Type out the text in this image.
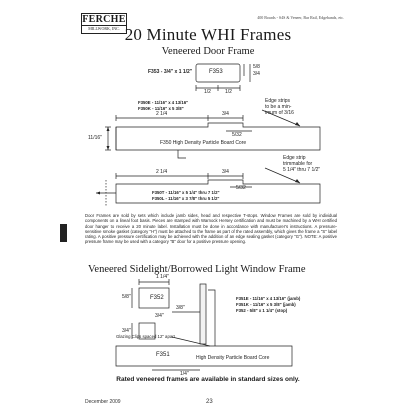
FERCHE
MILLWORK, INC.
400 Boards - S4S & Veneer, Bar Rail, Edgebands, etc.
20 Minute WHI Frames
Veneered Door Frame
F353 - 3/4" x 1 1/2"	F353
5/8
3/4
1/2	1/2
F350E - 11/16" x 4 13/16"
F350K - 11/16" x 5 3/8"
Edge strips
to be a min-
imum of 3/16
2 1/4	3/4
5/32
11/16"
F350 High Density Particle Board Core
Edge strip
trimmable for
5 1/4" thru 7 1/2"
2 1/4	3/4
5/32
F350T - 11/16" x 5 1/4" thru 7 1/2"
F350L - 11/16" x 3 7/8" thru 5 1/2"
Door Frames are sold by sets which include jamb sides, head and respective T-stops. Window Frames are sold by individual components on a lineal foot basis. Pieces are stamped with Warnock Hersey certification and must be machined by a WHI certified door hanger to receive a 20 minute label. Installation must be done in accordance with manufacturer's instructions. A pressure-sensitive smoke gasket (category "H") must be attached to the frame as part of the rated assembly, which gives the frame a "S" label rating. A positive pressure certification may be achieved with the addition of an edge sealing gasket (category "G"). NOTE: A positive pressure frame may be used with a category "B" door for a positive pressure opening.
Veneered Sidelight/Borrowed Light Window Frame
1 1/4"
5/8"	F352
3/8"
3/4"
3/4"
1/4"
F351E - 11/16" x 4 13/16" (jamb)
F351K - 11/16" x 5 3/8" (jamb)
F352 - 5/8" x 1 1/4" (stop)
Glazing Clips spaced 12" apart
F351	High Density Particle Board Core
Rated veneered frames are available in standard sizes only.
December 2009	23
